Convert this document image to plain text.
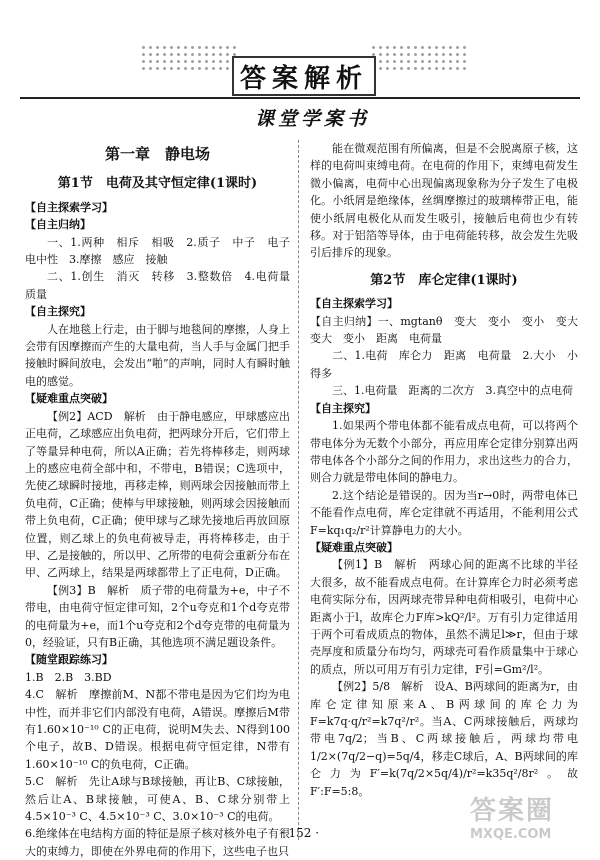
答案解析
课堂学案书
第一章　静电场
第1节　电荷及其守恒定律(1课时)

【自主探索学习】

【自主归纳】

一、1.两种　相斥　相吸　2.质子　中子　电子　电中性　3.摩擦　感应　接触

二、1.创生　消灭　转移　3.整数倍　4.电荷量　质量

【自主探究】

人在地毯上行走，由于脚与地毯间的摩擦，人身上会带有因摩擦而产生的大量电荷，当人手与金属门把手接触时瞬间放电，会发出“啪”的声响，同时人有瞬时触电的感觉。

【疑难重点突破】

【例2】ACD　解析　由于静电感应，甲球感应出正电荷，乙球感应出负电荷，把两球分开后，它们带上了等量异种电荷，所以A正确；若先将棒移走，则两球上的感应电荷全部中和，不带电，B错误；C选项中，先使乙球瞬时接地，再移走棒，则两球会因接触而带上负电荷，C正确；使棒与甲球接触，则两球会因接触而带上负电荷，C正确；使甲球与乙球先接地后再放回原位置，则乙球上的负电荷被导走，再将棒移走，由于甲、乙是接触的，所以甲、乙所带的电荷会重新分布在甲、乙两球上，结果是两球都带上了正电荷，D正确。

【例3】B　解析　质子带的电荷量为+e，中子不带电，由电荷守恒定律可知，2个u夸克和1个d夸克带的电荷量为+e，而1个u夸克和2个d夸克带的电荷量为0，经验证，只有B正确，其他选项不满足题设条件。

【随堂跟踪练习】

1.B　2.B　3.BD

4.C　解析　摩擦前M、N都不带电是因为它们均为电中性，而并非它们内部没有电荷，A错误。摩擦后M带有1.60×10⁻¹⁰ C的正电荷，说明M失去、N得到100个电子，故B、D错误。根据电荷守恒定律，N带有1.60×10⁻¹⁰ C的负电荷，C正确。

5.C　解析　先让A球与B球接触，再让B、C球接触，然后让A、B球接触，可使A、B、C球分别带上4.5×10⁻³ C、4.5×10⁻³ C、3.0×10⁻³ C的电荷。

6.绝缘体在电结构方面的特征是原子核对核外电子有很大的束缚力，即使在外界电荷的作用下，这些电子也只

能在微观范围有所偏离，但是不会脱离原子核，这样的电荷叫束缚电荷。在电荷的作用下，束缚电荷发生微小偏离，电荷中心出现偏离现象称为分子发生了电极化。小纸屑是绝缘体，丝绸摩擦过的玻璃棒带正电，能使小纸屑电极化从而发生吸引，接触后电荷也少有转移。对于铝箔等导体，由于电荷能转移，故会发生先吸引后排斥的现象。

第2节　库仑定律(1课时)

【自主探索学习】

【自主归纳】一、mgtanθ　变大　变小　变小　变大　变大　变小　距离　电荷量

二、1.电荷　库仑力　距离　电荷量　2.大小　小得多

三、1.电荷量　距离的二次方　3.真空中的点电荷

【自主探究】

1.如果两个带电体都不能看成点电荷，可以将两个带电体分为无数个小部分，再应用库仑定律分别算出两带电体各个小部分之间的作用力，求出这些力的合力，则合力就是带电体间的静电力。

2.这个结论是错误的。因为当r→0时，两带电体已不能看作点电荷，库仑定律就不再适用，不能利用公式F=kq₁q₂/r²计算静电力的大小。

【疑难重点突破】

【例1】B　解析　两球心间的距离不比球的半径大很多，故不能看成点电荷。在计算库仑力时必须考虑电荷实际分布，因两球壳带异种电荷相吸引，电荷中心距离小于l，故库仑力F库>kQ²/l²。万有引力定律适用于两个可看成质点的物体，虽然不满足l≫r，但由于球壳厚度和质量分布均匀，两球壳可看作质量集中于球心的质点，所以可用万有引力定律，F引=Gm²/l²。

【例2】5/8　解析　设A、B两球间的距离为r，由库仑定律知原来A、B两球间的库仑力为F=k7q·q/r²=k7q²/r²。当A、C两球接触后，两球均带电7q/2；当B、C两球接触后，两球均带电1/2×(7q/2−q)=5q/4，移走C球后，A、B两球间的库仑力为F′=k(7q/2×5q/4)/r²=k35q²/8r²。故F′:F=5:8。

· 152 ·
答案圈
MXQE.COM
